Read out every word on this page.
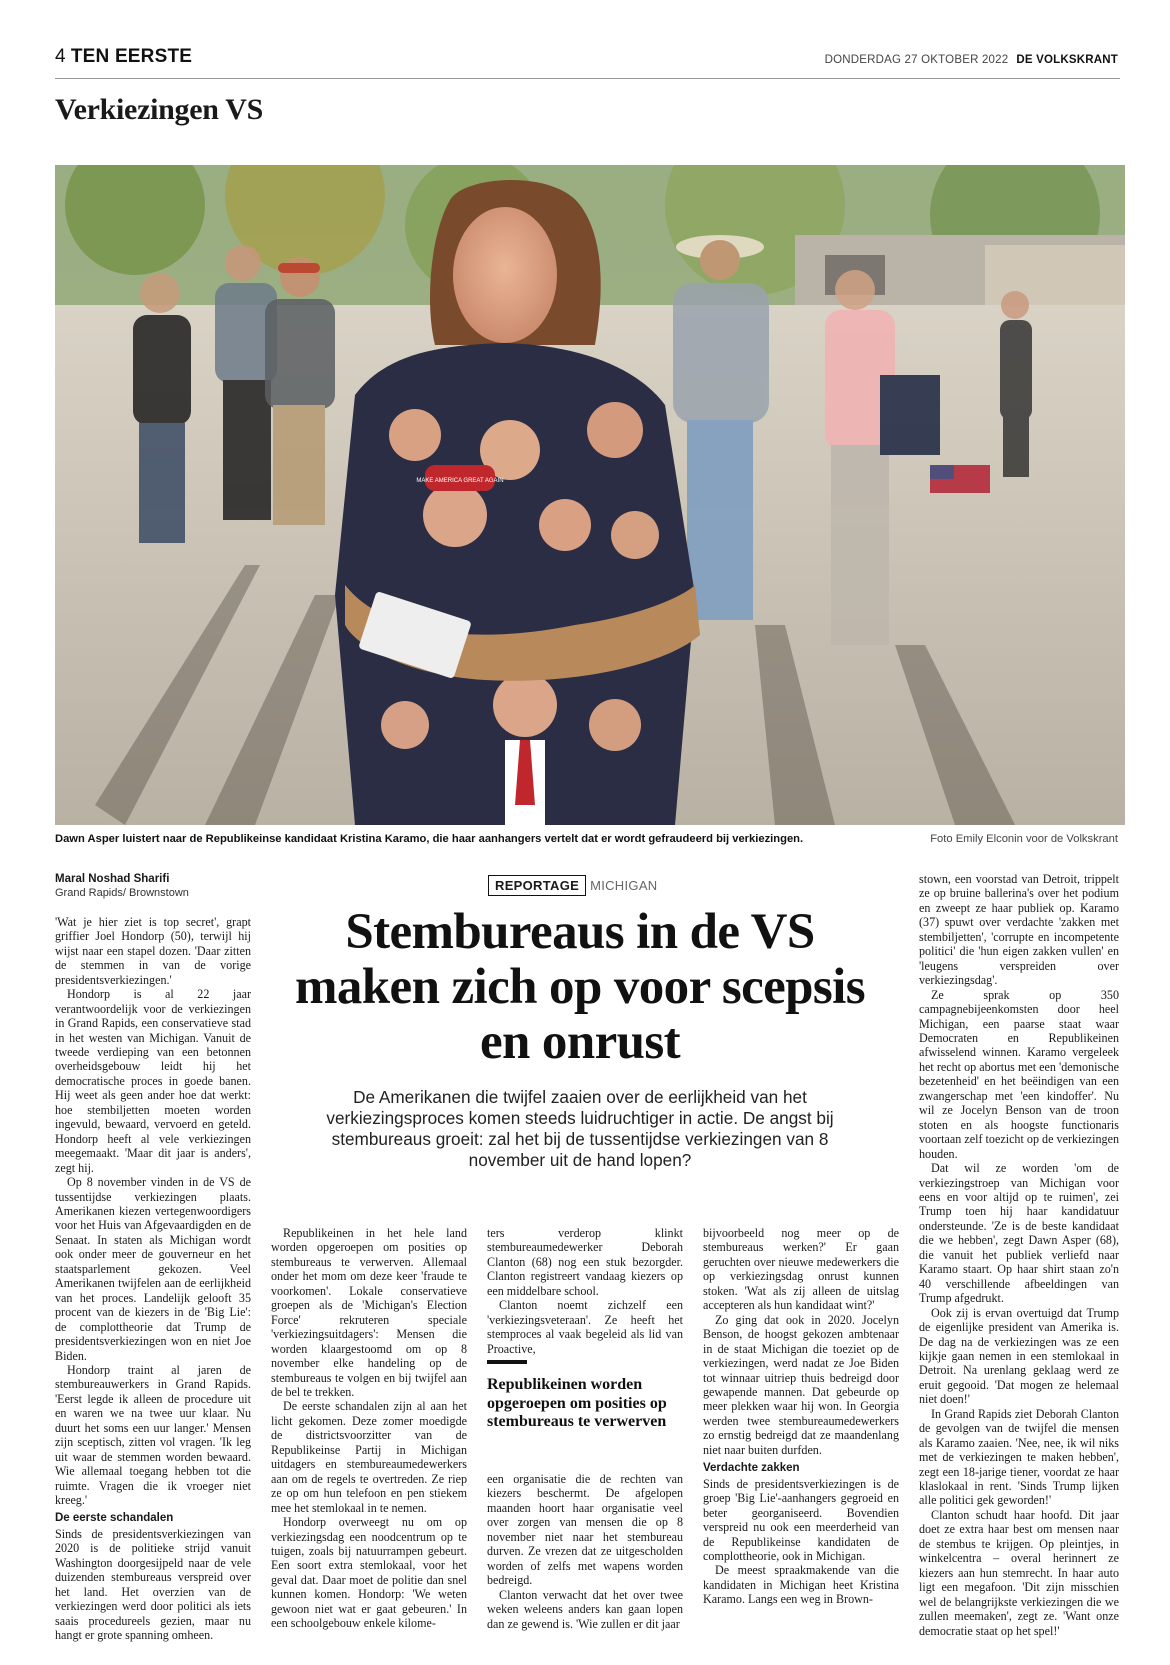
4 TEN EERSTE	DONDERDAG 27 OKTOBER 2022 DE VOLKSKRANT
Verkiezingen VS
MAKE AMERICA GREAT AGAIN
Dawn Asper luistert naar de Republikeinse kandidaat Kristina Karamo, die haar aanhangers vertelt dat er wordt gefraudeerd bij verkiezingen.	Foto Emily Elconin voor de Volkskrant
Maral Noshad Sharifi
Grand Rapids/ Brownstown

'Wat je hier ziet is top secret', grapt griffier Joel Hondorp (50), terwijl hij wijst naar een stapel dozen. 'Daar zitten de stemmen in van de vorige presidentsverkiezingen.'

Hondorp is al 22 jaar verantwoordelijk voor de verkiezingen in Grand Rapids, een conservatieve stad in het westen van Michigan. Vanuit de tweede verdieping van een betonnen overheidsgebouw leidt hij het democratische proces in goede banen. Hij weet als geen ander hoe dat werkt: hoe stembiljetten moeten worden ingevuld, bewaard, vervoerd en geteld. Hondorp heeft al vele verkiezingen meegemaakt. 'Maar dit jaar is anders', zegt hij.

Op 8 november vinden in de VS de tussentijdse verkiezingen plaats. Amerikanen kiezen vertegenwoordigers voor het Huis van Afgevaardigden en de Senaat. In staten als Michigan wordt ook onder meer de gouverneur en het staatsparlement gekozen. Veel Amerikanen twijfelen aan de eerlijkheid van het proces. Landelijk gelooft 35 procent van de kiezers in de 'Big Lie': de complottheorie dat Trump de presidentsverkiezingen won en niet Joe Biden.

Hondorp traint al jaren de stembureauwerkers in Grand Rapids. 'Eerst legde ik alleen de procedure uit en waren we na twee uur klaar. Nu duurt het soms een uur langer.' Mensen zijn sceptisch, zitten vol vragen. 'Ik leg uit waar de stemmen worden bewaard. Wie allemaal toegang hebben tot die ruimte. Vragen die ik vroeger niet kreeg.'

De eerste schandalen

Sinds de presidentsverkiezingen van 2020 is de politieke strijd vanuit Washington doorgesijpeld naar de vele duizenden stembureaus verspreid over het land. Het overzien van de verkiezingen werd door politici als iets saais procedureels gezien, maar nu hangt er grote spanning omheen.

REPORTAGE MICHIGAN
Stembureaus in de VS maken zich op voor scepsis en onrust
De Amerikanen die twijfel zaaien over de eerlijkheid van het verkiezingsproces komen steeds luidruchtiger in actie. De angst bij stembureaus groeit: zal het bij de tussentijdse verkiezingen van 8 november uit de hand lopen?

Republikeinen in het hele land worden opgeroepen om posities op stembureaus te verwerven. Allemaal onder het mom om deze keer 'fraude te voorkomen'. Lokale conservatieve groepen als de 'Michigan's Election Force' rekruteren speciale 'verkiezingsuitdagers': Mensen die worden klaargestoomd om op 8 november elke handeling op de stembureaus te volgen en bij twijfel aan de bel te trekken.

De eerste schandalen zijn al aan het licht gekomen. Deze zomer moedigde de districtsvoorzitter van de Republikeinse Partij in Michigan uitdagers en stembureaumedewerkers aan om de regels te overtreden. Ze riep ze op om hun telefoon en pen stiekem mee het stemlokaal in te nemen.

Hondorp overweegt nu om op verkiezingsdag een noodcentrum op te tuigen, zoals bij natuurrampen gebeurt. Een soort extra stemlokaal, voor het geval dat. Daar moet de politie dan snel kunnen komen. Hondorp: 'We weten gewoon niet wat er gaat gebeuren.' In een schoolgebouw enkele kilome-

ters verderop klinkt stembureaumedewerker Deborah Clanton (68) nog een stuk bezorgder. Clanton registreert vandaag kiezers op een middelbare school.

Clanton noemt zichzelf een 'verkiezingsveteraan'. Ze heeft het stemproces al vaak begeleid als lid van Proactive,

Republikeinen worden opgeroepen om posities op stembureaus te verwerven

een organisatie die de rechten van kiezers beschermt. De afgelopen maanden hoort haar organisatie veel over zorgen van mensen die op 8 november niet naar het stembureau durven. Ze vrezen dat ze uitgescholden worden of zelfs met wapens worden bedreigd.

Clanton verwacht dat het over twee weken weleens anders kan gaan lopen dan ze gewend is. 'Wie zullen er dit jaar

bijvoorbeeld nog meer op de stembureaus werken?' Er gaan geruchten over nieuwe medewerkers die op verkiezingsdag onrust kunnen stoken. 'Wat als zij alleen de uitslag accepteren als hun kandidaat wint?'

Zo ging dat ook in 2020. Jocelyn Benson, de hoogst gekozen ambtenaar in de staat Michigan die toeziet op de verkiezingen, werd nadat ze Joe Biden tot winnaar uitriep thuis bedreigd door gewapende mannen. Dat gebeurde op meer plekken waar hij won. In Georgia werden twee stembureaumedewerkers zo ernstig bedreigd dat ze maandenlang niet naar buiten durfden.

Verdachte zakken

Sinds de presidentsverkiezingen is de groep 'Big Lie'-aanhangers gegroeid en beter georganiseerd. Bovendien verspreid nu ook een meerderheid van de Republikeinse kandidaten de complottheorie, ook in Michigan.

De meest spraakmakende van die kandidaten in Michigan heet Kristina Karamo. Langs een weg in Brown-

stown, een voorstad van Detroit, trippelt ze op bruine ballerina's over het podium en zweept ze haar publiek op. Karamo (37) spuwt over verdachte 'zakken met stembiljetten', 'corrupte en incompetente politici' die 'hun eigen zakken vullen' en 'leugens verspreiden over verkiezingsdag'.

Ze sprak op 350 campagnebijeenkomsten door heel Michigan, een paarse staat waar Democraten en Republikeinen afwisselend winnen. Karamo vergeleek het recht op abortus met een 'demonische bezetenheid' en het beëindigen van een zwangerschap met 'een kindoffer'. Nu wil ze Jocelyn Benson van de troon stoten en als hoogste functionaris voortaan zelf toezicht op de verkiezingen houden.

Dat wil ze worden 'om de verkiezingstroep van Michigan voor eens en voor altijd op te ruimen', zei Trump toen hij haar kandidatuur ondersteunde. 'Ze is de beste kandidaat die we hebben', zegt Dawn Asper (68), die vanuit het publiek verliefd naar Karamo staart. Op haar shirt staan zo'n 40 verschillende afbeeldingen van Trump afgedrukt.

Ook zij is ervan overtuigd dat Trump de eigenlijke president van Amerika is. De dag na de verkiezingen was ze een kijkje gaan nemen in een stemlokaal in Detroit. Na urenlang geklaag werd ze eruit gegooid. 'Dat mogen ze helemaal niet doen!'

In Grand Rapids ziet Deborah Clanton de gevolgen van de twijfel die mensen als Karamo zaaien. 'Nee, nee, ik wil niks met de verkiezingen te maken hebben', zegt een 18-jarige tiener, voordat ze haar klaslokaal in rent. 'Sinds Trump lijken alle politici gek geworden!'

Clanton schudt haar hoofd. Dit jaar doet ze extra haar best om mensen naar de stembus te krijgen. Op pleintjes, in winkelcentra – overal herinnert ze kiezers aan hun stemrecht. In haar auto ligt een megafoon. 'Dit zijn misschien wel de belangrijkste verkiezingen die we zullen meemaken', zegt ze. 'Want onze democratie staat op het spel!'
